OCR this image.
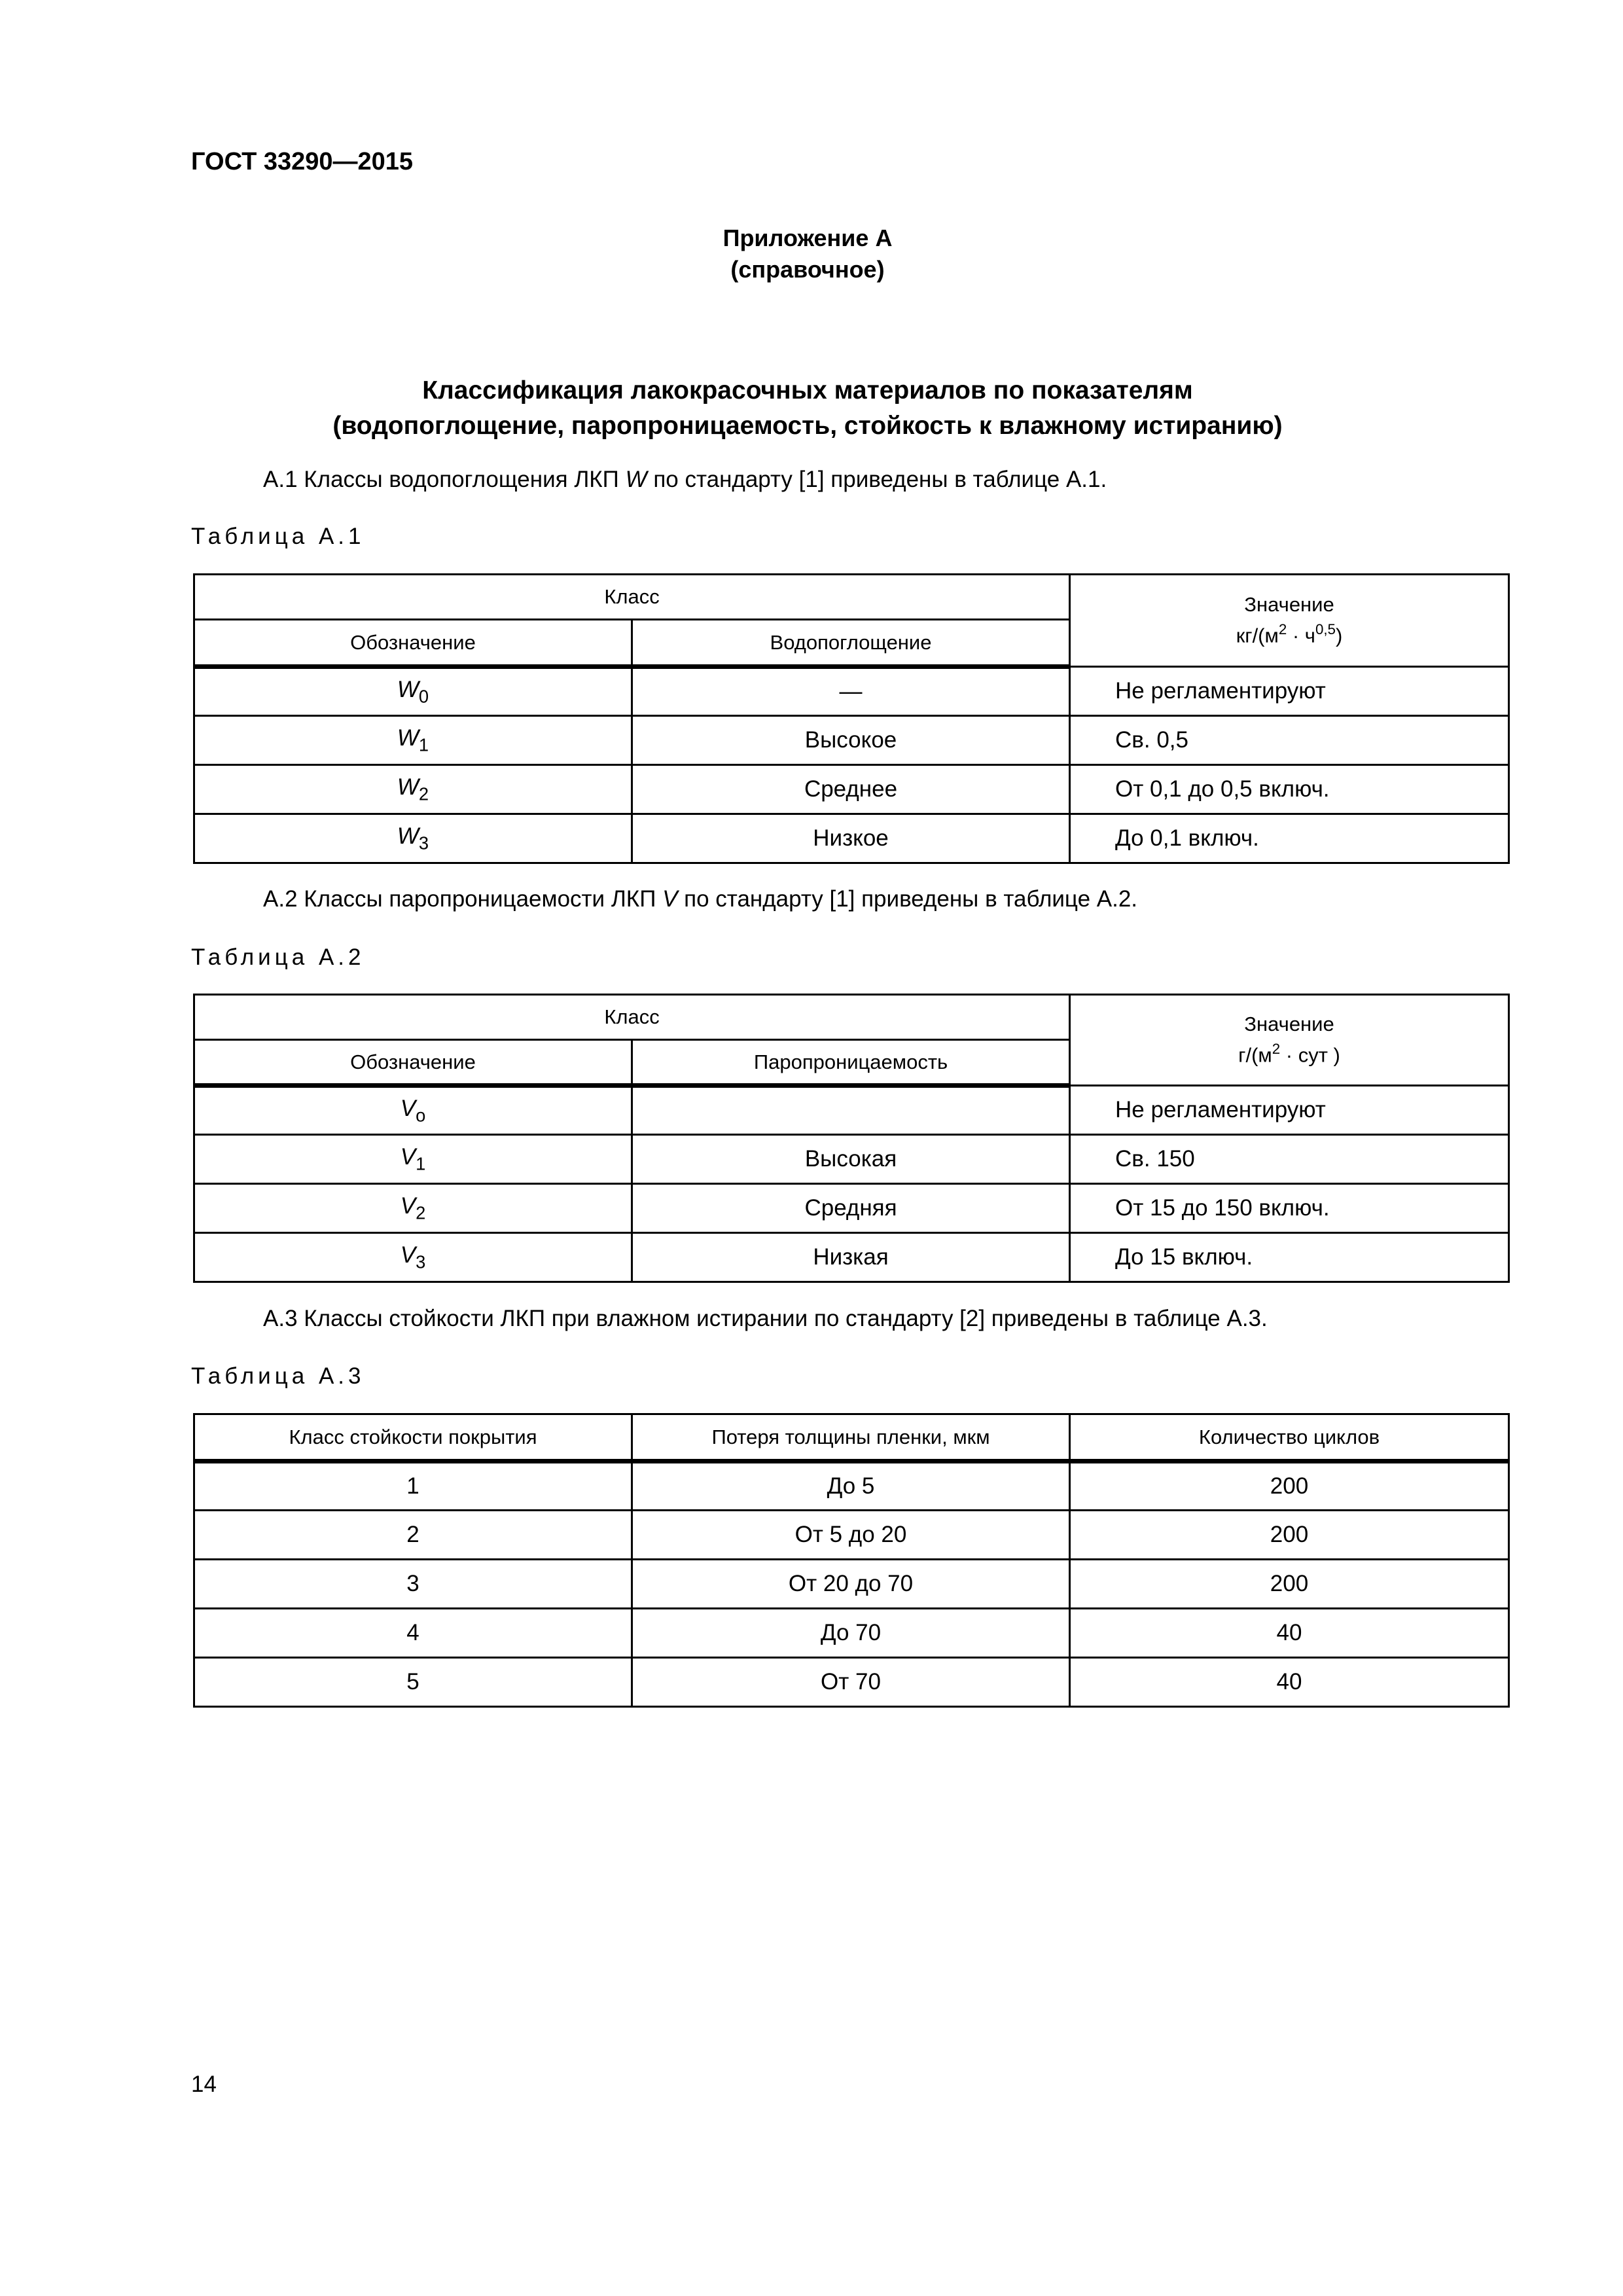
ГОСТ 33290—2015
Приложение А
(справочное)
Классификация лакокрасочных материалов по показателям
(водопоглощение, паропроницаемость, стойкость к влажному истиранию)
А.1 Классы водопоглощения ЛКП W по стандарту [1] приведены в таблице А.1.
Таблица А.1
Класс		Значение
$кг/(м^2 \cdot ч^{0,5})$

Обозначение	Водопоглощение	
$W_0$	—	Не регламентируют
$W_1$	Высокое	Св. 0,5
$W_2$	Среднее	От 0,1 до 0,5 включ.
$W_3$	Низкое	До 0,1 включ.
А.2 Классы паропроницаемости ЛКП V по стандарту [1] приведены в таблице А.2.
Таблица А.2
Класс		Значение
$г/(м^2$ · сут )

Обозначение	Паропроницаемость	
$V_о$		Не регламентируют
$V_1$	Высокая	Св. 150
$V_2$	Средняя	От 15 до 150 включ.
$V_3$	Низкая	До 15 включ.
А.3 Классы стойкости ЛКП при влажном истирании по стандарту [2] приведены в таблице А.3.
Таблица А.3
Класс стойкости покрытия	Потеря толщины пленки, мкм	Количество циклов
1	До 5	200
2	От 5 до 20	200
3	От 20 до 70	200
4	До 70	40
5	От 70	40
14
